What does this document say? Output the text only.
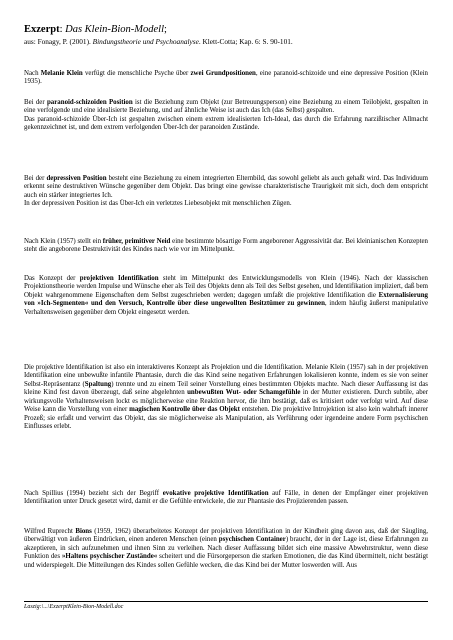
Exzerpt: Das Klein-Bion-Modell;
aus: Fonagy, P. (2001). Bindungstheorie und Psychoanalyse. Klett-Cotta; Kap. 6: S. 90-101.
Nach Melanie Klein verfügt die menschliche Psyche über zwei Grundpositionen, eine paranoid-schizoide und eine depressive Position (Klein 1935).
Bei der paranoid-schizoiden Position ist die Beziehung zum Objekt (zur Betreuungsperson) eine Beziehung zu einem Teilobjekt, gespalten in eine verfolgende und eine idealisierte Beziehung, und auf ähnliche Weise ist auch das Ich (das Selbst) gespalten.
Das paranoid-schizoide Über-Ich ist gespalten zwischen einem extrem idealisierten Ich-Ideal, das durch die Erfahrung narzißtischer Allmacht gekennzeichnet ist, und dem extrem verfolgenden Über-Ich der paranoiden Zustände.
Bei der depressiven Position besteht eine Beziehung zu einem integrierten Elternbild, das sowohl geliebt als auch gehaßt wird. Das Individuum erkennt seine destruktiven Wünsche gegenüber dem Objekt. Das bringt eine gewisse charakteristische Traurigkeit mit sich, doch dem entspricht auch ein stärker integriertes Ich.
In der depressiven Position ist das Über-Ich ein verletztes Liebesobjekt mit menschlichen Zügen.
Nach Klein (1957) stellt ein früher, primitiver Neid eine bestimmte bösartige Form angeborener Aggressivität dar. Bei kleinianischen Konzepten steht die angeborene Destruktivität des Kindes nach wie vor im Mittelpunkt.
Das Konzept der projektiven Identifikation steht im Mittelpunkt des Entwicklungsmodells von Klein (1946). Nach der klassischen Projektionstheorie werden Impulse und Wünsche eher als Teil des Objekts denn als Teil des Selbst gesehen, und Identifikation impliziert, daß bem Objekt wahrgenommene Eigenschaften dem Selbst zugeschrieben werden; dagegen umfaßt die projektive Identifikation die Externalisierung von »Ich-Segmenten« und den Versuch, Kontrolle über diese ungewollten Besitztümer zu gewinnen, indem häufig äußerst manipulative Verhaltensweisen gegenüber dem Objekt eingesetzt werden.
Die projektive Identifikation ist also ein interaktiveres Konzept als Projektion und die Identifikation. Melanie Klein (1957) sah in der projektiven Identifikation eine unbewußte infantile Phantasie, durch die das Kind seine negativen Erfahrungen lokalisieren konnte, indem es sie von seiner Selbst-Repräsentanz (Spaltung) trennte und zu einem Teil seiner Vorstellung eines bestimmten Objekts machte. Nach dieser Auffassung ist das kleine Kind fest davon überzeugt, daß seine abgelehnten unbewußten Wut- oder Schamgefühle in der Mutter existieren. Durch subtile, aber wirkungsvolle Verhaltensweisen lockt es möglicherweise eine Reaktion hervor, die ihm bestätigt, daß es kritisiert oder verfolgt wird. Auf diese Weise kann die Vorstellung von einer magischen Kontrolle über das Objekt entstehen. Die projektive Introjektion ist also kein wahrhaft innerer Prozeß; sie erfaßt und verwirrt das Objekt, das sie möglicherweise als Manipulation, als Verführung oder irgendeine andere Form psychischen Einflusses erlebt.
Nach Spillius (1994) bezieht sich der Begriff evokative projektive Identifikation auf Fälle, in denen der Empfänger einer projektiven Identifikation unter Druck gesetzt wird, damit er die Gefühle entwickele, die zur Phantasie des Projizierenden passen.
Wilfred Ruprecht Bions (1959, 1962) überarbeitetes Konzept der projektiven Identifikation in der Kindheit ging davon aus, daß der Säugling, überwältigt von äußeren Eindrücken, einen anderen Menschen (einen psychischen Container) braucht, der in der Lage ist, diese Erfahrungen zu akzeptieren, in sich aufzunehmen und ihnen Sinn zu verleihen. Nach dieser Auffassung bildet sich eine massive Abwehrstruktur, wenn diese Funktion des »Haltens psychischer Zustände« scheitert und die Fürsorgeperson die starken Emotionen, die das Kind übermittelt, nicht bestätigt und widerspiegelt. Die Mitteilungen des Kindes sollen Gefühle wecken, die das Kind bei der Mutter loswerden will. Aus
Laszig:\...\ExzerptKlein-Bion-Modell.doc
